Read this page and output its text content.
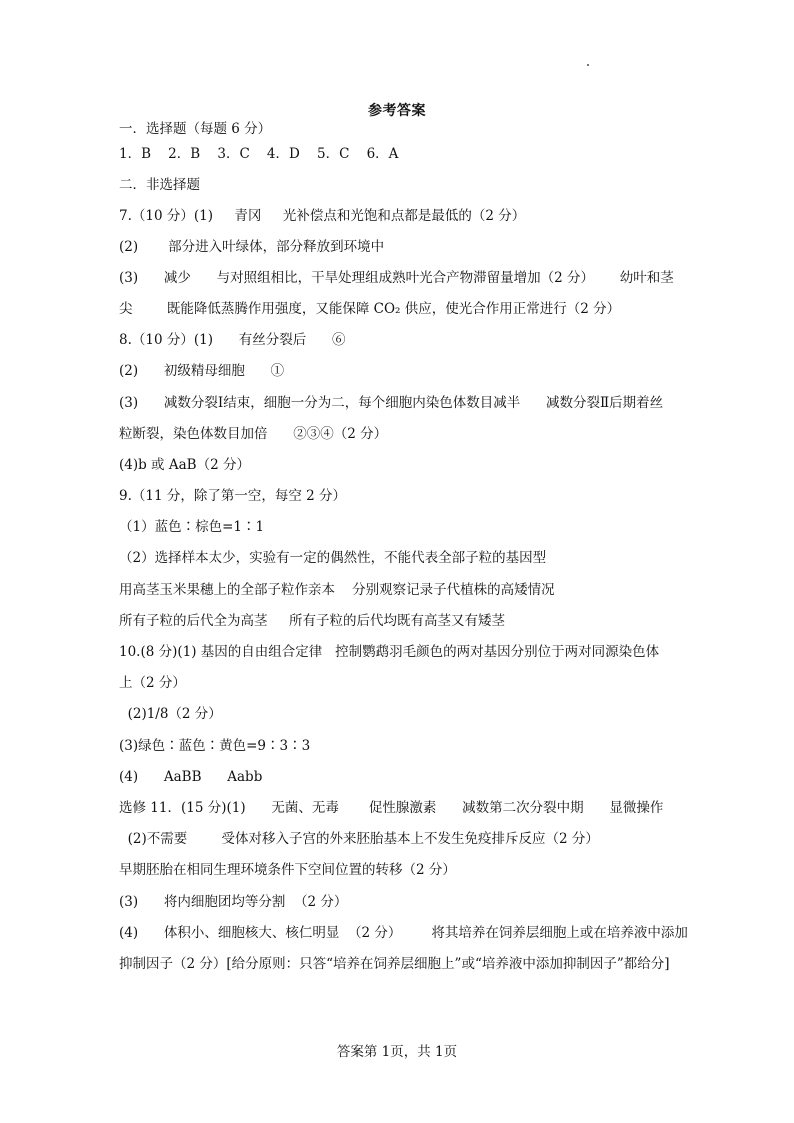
参考答案
一．选择题（每题 6 分）
1．B    2．B    3．C    4．D    5．C    6．A
二．非选择题
7.（10 分）(1)     青冈     光补偿点和光饱和点都是最低的（2 分）
(2)       部分进入叶绿体，部分释放到环境中
(3)      减少      与对照组相比，干旱处理组成熟叶光合产物滞留量增加（2 分）      幼叶和茎
尖        既能降低蒸腾作用强度，又能保障 CO₂ 供应，使光合作用正常进行（2 分）
8.（10 分）(1)      有丝分裂后      ⑥
(2)      初级精母细胞      ①
(3)      减数分裂Ⅰ结束，细胞一分为二，每个细胞内染色体数目减半      减数分裂Ⅱ后期着丝
粒断裂，染色体数目加倍      ②③④（2 分）
(4)b 或 AaB（2 分）
9.（11 分，除了第一空，每空 2 分）
（1）蓝色∶棕色=1∶1
（2）选择样本太少，实验有一定的偶然性，不能代表全部子粒的基因型
用高茎玉米果穗上的全部子粒作亲本    分别观察记录子代植株的高矮情况
所有子粒的后代全为高茎     所有子粒的后代均既有高茎又有矮茎
10.(8 分)(1) 基因的自由组合定律   控制鹦鹉羽毛颜色的两对基因分别位于两对同源染色体
上（2 分）
(2)1/8（2 分）
(3)绿色∶蓝色∶黄色=9∶3∶3
(4)      AaBB      Aabb
选修 11．(15 分)(1)      无菌、无毒       促性腺激素      减数第二次分裂中期      显微操作
(2)不需要        受体对移入子宫的外来胚胎基本上不发生免疫排斥反应（2 分）
早期胚胎在相同生理环境条件下空间位置的转移（2 分）
(3)      将内细胞团均等分割  （2 分）
(4)      体积小、细胞核大、核仁明显  （2 分）       将其培养在饲养层细胞上或在培养液中添加
抑制因子（2 分）[给分原则：只答“培养在饲养层细胞上”或“培养液中添加抑制因子”都给分]
答案第 1页，共 1页
